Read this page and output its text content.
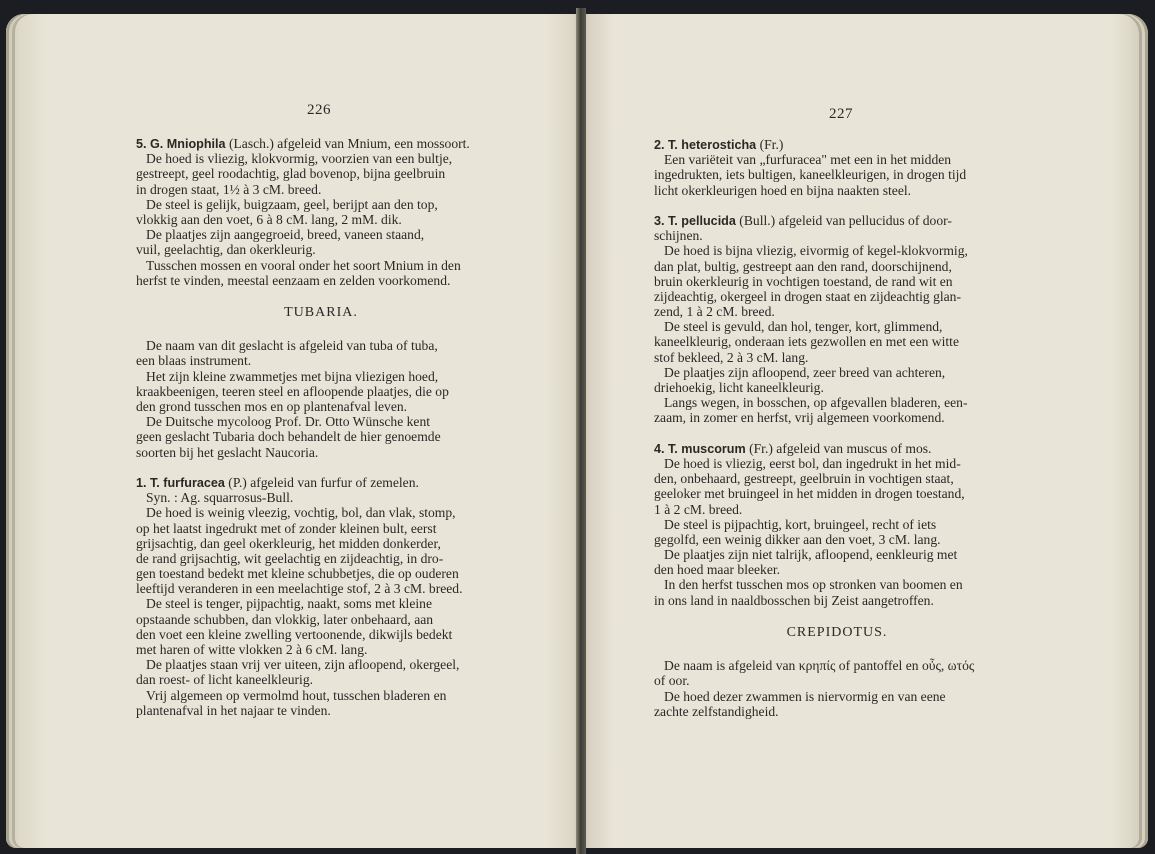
226
5. G. Mniophila (Lasch.) afgeleid van Mnium, een mossoort.
De hoed is vliezig, klokvormig, voorzien van een bultje,
gestreept, geel roodachtig, glad bovenop, bijna geelbruin
in drogen staat, 1½ à 3 cM. breed.
De steel is gelijk, buigzaam, geel, berijpt aan den top,
vlokkig aan den voet, 6 à 8 cM. lang, 2 mM. dik.
De plaatjes zijn aangegroeid, breed, vaneen staand,
vuil, geelachtig, dan okerkleurig.
Tusschen mossen en vooral onder het soort Mnium in den
herfst te vinden, meestal eenzaam en zelden voorkomend.
TUBARIA.
De naam van dit geslacht is afgeleid van tuba of tuba,
een blaas instrument.
Het zijn kleine zwammetjes met bijna vliezigen hoed,
kraakbeenigen, teeren steel en afloopende plaatjes, die op
den grond tusschen mos en op plantenafval leven.
De Duitsche mycoloog Prof. Dr. Otto Wünsche kent
geen geslacht Tubaria doch behandelt de hier genoemde
soorten bij het geslacht Naucoria.
1. T. furfuracea (P.) afgeleid van furfur of zemelen.
Syn. : Ag. squarrosus-Bull.
De hoed is weinig vleezig, vochtig, bol, dan vlak, stomp,
op het laatst ingedrukt met of zonder kleinen bult, eerst
grijsachtig, dan geel okerkleurig, het midden donkerder,
de rand grijsachtig, wit geelachtig en zijdeachtig, in dro-
gen toestand bedekt met kleine schubbetjes, die op ouderen
leeftijd veranderen in een meelachtige stof, 2 à 3 cM. breed.
De steel is tenger, pijpachtig, naakt, soms met kleine
opstaande schubben, dan vlokkig, later onbehaard, aan
den voet een kleine zwelling vertoonende, dikwijls bedekt
met haren of witte vlokken 2 à 6 cM. lang.
De plaatjes staan vrij ver uiteen, zijn afloopend, okergeel,
dan roest- of licht kaneelkleurig.
Vrij algemeen op vermolmd hout, tusschen bladeren en
plantenafval in het najaar te vinden.
227
2. T. heterosticha (Fr.)
Een variëteit van „furfuracea" met een in het midden
ingedrukten, iets bultigen, kaneelkleurigen, in drogen tijd
licht okerkleurigen hoed en bijna naakten steel.
3. T. pellucida (Bull.) afgeleid van pellucidus of door-
schijnen.
De hoed is bijna vliezig, eivormig of kegel-klokvormig,
dan plat, bultig, gestreept aan den rand, doorschijnend,
bruin okerkleurig in vochtigen toestand, de rand wit en
zijdeachtig, okergeel in drogen staat en zijdeachtig glan-
zend, 1 à 2 cM. breed.
De steel is gevuld, dan hol, tenger, kort, glimmend,
kaneelkleurig, onderaan iets gezwollen en met een witte
stof bekleed, 2 à 3 cM. lang.
De plaatjes zijn afloopend, zeer breed van achteren,
driehoekig, licht kaneelkleurig.
Langs wegen, in bosschen, op afgevallen bladeren, een-
zaam, in zomer en herfst, vrij algemeen voorkomend.
4. T. muscorum (Fr.) afgeleid van muscus of mos.
De hoed is vliezig, eerst bol, dan ingedrukt in het mid-
den, onbehaard, gestreept, geelbruin in vochtigen staat,
geeloker met bruingeel in het midden in drogen toestand,
1 à 2 cM. breed.
De steel is pijpachtig, kort, bruingeel, recht of iets
gegolfd, een weinig dikker aan den voet, 3 cM. lang.
De plaatjes zijn niet talrijk, afloopend, eenkleurig met
den hoed maar bleeker.
In den herfst tusschen mos op stronken van boomen en
in ons land in naaldbosschen bij Zeist aangetroffen.
CREPIDOTUS.
De naam is afgeleid van κρηπίς of pantoffel en οὖς, ωτός
of oor.
De hoed dezer zwammen is niervormig en van eene
zachte zelfstandigheid.
